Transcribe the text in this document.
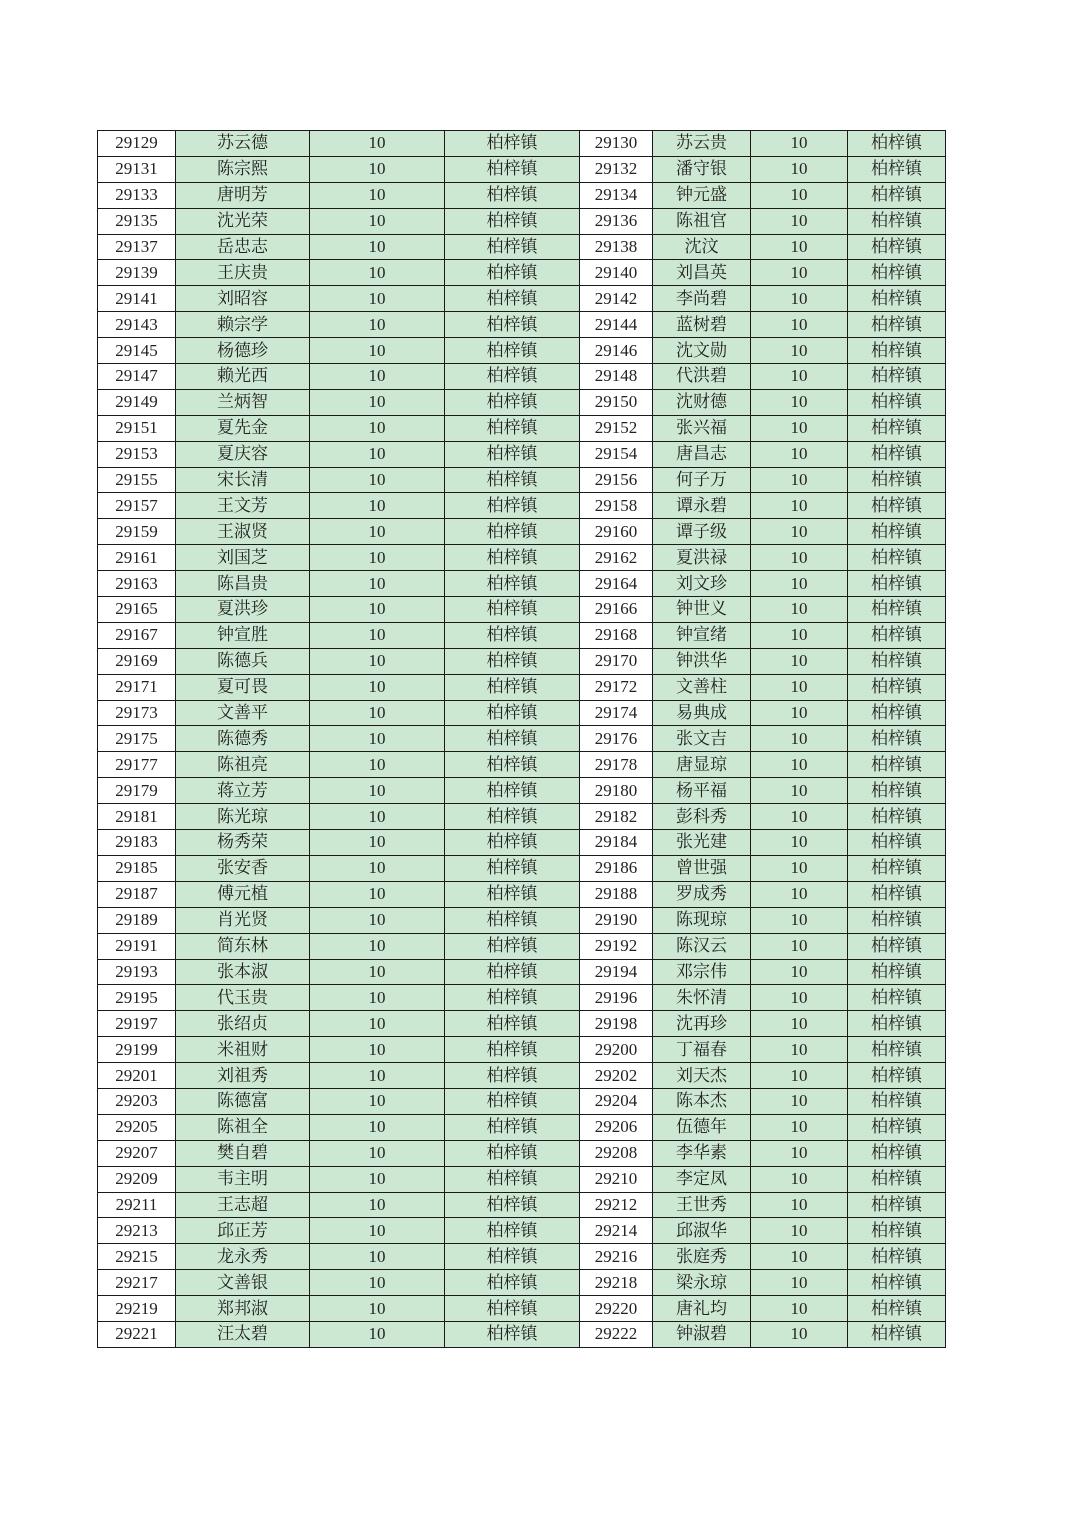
29129	苏云德	10	柏梓镇	29130	苏云贵	10	柏梓镇
29131	陈宗熙	10	柏梓镇	29132	潘守银	10	柏梓镇
29133	唐明芳	10	柏梓镇	29134	钟元盛	10	柏梓镇
29135	沈光荣	10	柏梓镇	29136	陈祖官	10	柏梓镇
29137	岳忠志	10	柏梓镇	29138	沈汶	10	柏梓镇
29139	王庆贵	10	柏梓镇	29140	刘昌英	10	柏梓镇
29141	刘昭容	10	柏梓镇	29142	李尚碧	10	柏梓镇
29143	赖宗学	10	柏梓镇	29144	蓝树碧	10	柏梓镇
29145	杨德珍	10	柏梓镇	29146	沈文勋	10	柏梓镇
29147	赖光西	10	柏梓镇	29148	代洪碧	10	柏梓镇
29149	兰炳智	10	柏梓镇	29150	沈财德	10	柏梓镇
29151	夏先金	10	柏梓镇	29152	张兴福	10	柏梓镇
29153	夏庆容	10	柏梓镇	29154	唐昌志	10	柏梓镇
29155	宋长清	10	柏梓镇	29156	何子万	10	柏梓镇
29157	王文芳	10	柏梓镇	29158	谭永碧	10	柏梓镇
29159	王淑贤	10	柏梓镇	29160	谭子级	10	柏梓镇
29161	刘国芝	10	柏梓镇	29162	夏洪禄	10	柏梓镇
29163	陈昌贵	10	柏梓镇	29164	刘文珍	10	柏梓镇
29165	夏洪珍	10	柏梓镇	29166	钟世义	10	柏梓镇
29167	钟宣胜	10	柏梓镇	29168	钟宣绪	10	柏梓镇
29169	陈德兵	10	柏梓镇	29170	钟洪华	10	柏梓镇
29171	夏可畏	10	柏梓镇	29172	文善柱	10	柏梓镇
29173	文善平	10	柏梓镇	29174	易典成	10	柏梓镇
29175	陈德秀	10	柏梓镇	29176	张文吉	10	柏梓镇
29177	陈祖亮	10	柏梓镇	29178	唐显琼	10	柏梓镇
29179	蒋立芳	10	柏梓镇	29180	杨平福	10	柏梓镇
29181	陈光琼	10	柏梓镇	29182	彭科秀	10	柏梓镇
29183	杨秀荣	10	柏梓镇	29184	张光建	10	柏梓镇
29185	张安香	10	柏梓镇	29186	曾世强	10	柏梓镇
29187	傅元植	10	柏梓镇	29188	罗成秀	10	柏梓镇
29189	肖光贤	10	柏梓镇	29190	陈现琼	10	柏梓镇
29191	简东林	10	柏梓镇	29192	陈汉云	10	柏梓镇
29193	张本淑	10	柏梓镇	29194	邓宗伟	10	柏梓镇
29195	代玉贵	10	柏梓镇	29196	朱怀清	10	柏梓镇
29197	张绍贞	10	柏梓镇	29198	沈再珍	10	柏梓镇
29199	米祖财	10	柏梓镇	29200	丁福春	10	柏梓镇
29201	刘祖秀	10	柏梓镇	29202	刘天杰	10	柏梓镇
29203	陈德富	10	柏梓镇	29204	陈本杰	10	柏梓镇
29205	陈祖全	10	柏梓镇	29206	伍德年	10	柏梓镇
29207	樊自碧	10	柏梓镇	29208	李华素	10	柏梓镇
29209	韦主明	10	柏梓镇	29210	李定凤	10	柏梓镇
29211	王志超	10	柏梓镇	29212	王世秀	10	柏梓镇
29213	邱正芳	10	柏梓镇	29214	邱淑华	10	柏梓镇
29215	龙永秀	10	柏梓镇	29216	张庭秀	10	柏梓镇
29217	文善银	10	柏梓镇	29218	梁永琼	10	柏梓镇
29219	郑邦淑	10	柏梓镇	29220	唐礼均	10	柏梓镇
29221	汪太碧	10	柏梓镇	29222	钟淑碧	10	柏梓镇
